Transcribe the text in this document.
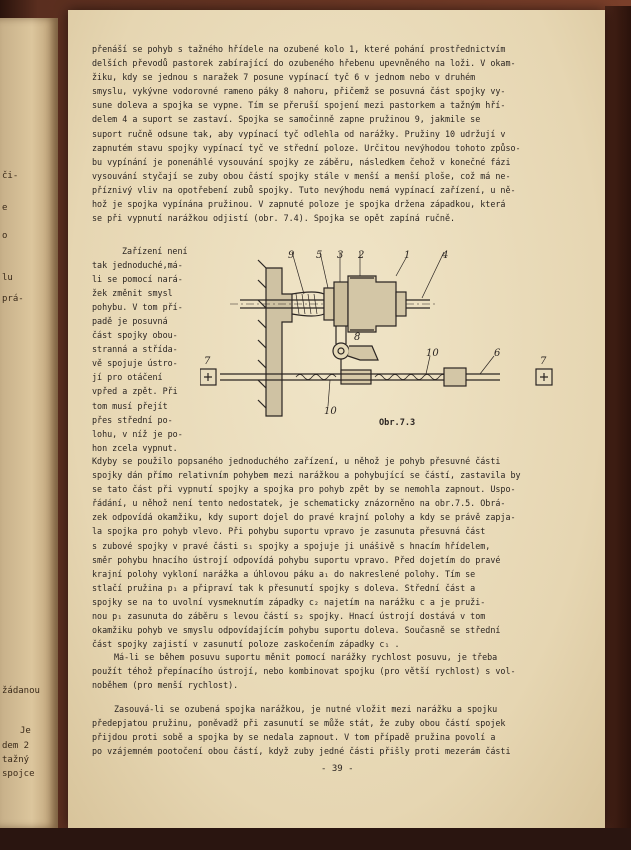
či-
e
o
lu
prá-
žádanou
Je
dem 2
tažný
spojce

přenáší se pohyb s tažného hřídele na ozubené kolo 1, které pohání prostřednictvím

delších převodů pastorek zabírající do ozubeného hřebenu upevněného na loži. V okam-

žiku, kdy se jednou s naražek 7 posune vypínací tyč 6 v jednom nebo v druhém

smyslu, vykývne vodorovné rameno páky 8 nahoru, přičemž se posuvná část spojky vy-

sune doleva a spojka se vypne. Tím se přeruší spojení mezi pastorkem a tažným hří-

delem 4 a suport se zastaví. Spojka se samočinně zapne pružinou 9, jakmile se

suport ručně odsune tak, aby vypínací tyč odlehla od narážky. Pružiny 10 udržují v

zapnutém stavu spojky vypínací tyč ve střední poloze. Určitou nevýhodou tohoto způso-

bu vypínání je ponenáhlé vysouvání spojky ze záběru, následkem čehož v konečné fázi

vysouvání styčají se zuby obou částí spojky stále v menší a menší ploše, což má ne-

příznivý vliv na opotřebení zubů spojky. Tuto nevýhodu nemá vypínací zařízení, u ně-

hož je spojka vypínána pružinou. V zapnuté poloze je spojka držena západkou, která

se při vypnutí narážkou odjistí (obr. 7.4). Spojka se opět zapíná ručně.

Zařízení není

tak jednoduché,má-

li se pomocí nará-

žek změnit smysl

pohybu. V tom pří-

padě je posuvná

část spojky obou-

stranná a střída-

vě spojuje ústro-

jí pro otáčení

vpřed a zpět. Při

tom musí přejít

přes střední po-

lohu, v níž je po-

hon zcela vypnut.

9 5 3 2	1	4
8
10	6
7	7
10
Obr.7.3

Kdyby se použilo popsaného jednoduchého zařízení, u něhož je pohyb přesuvné části

spojky dán přímo relativním pohybem mezi narážkou a pohybující se částí, zastavila by

se tato část při vypnutí spojky a spojka pro pohyb zpět by se nemohla zapnout. Uspo-

řádání, u něhož není tento nedostatek, je schematicky znázorněno na obr.7.5. Obrá-

zek odpovídá okamžiku, kdy suport dojel do pravé krajní polohy a kdy se právě zapja-

la spojka pro pohyb vlevo. Při pohybu suportu vpravo je zasunuta přesuvná část

s zubové spojky v pravé části s₁ spojky a spojuje ji unášivě s hnacím hřídelem,

směr pohybu hnacího ústrojí odpovídá pohybu suportu vpravo. Před dojetím do pravé

krajní polohy vykloní narážka a úhlovou páku a₁ do nakreslené polohy. Tím se

stlačí pružina p₁ a připraví tak k přesunutí spojky s doleva. Střední část a

spojky se na to uvolní vysmeknutím západky c₂ najetím na narážku c a je pruži-

nou p₁ zasunuta do záběru s levou částí s₂ spojky. Hnací ústrojí dostává v tom

okamžiku pohyb ve smyslu odpovídajícím pohybu suportu doleva. Současně se střední

část spojky zajistí v zasunutí poloze zaskočením západky c₁ .

Má-li se během posuvu suportu měnit pomocí narážky rychlost posuvu, je třeba

použít téhož přepínacího ústrojí, nebo kombinovat spojku (pro větší rychlost) s vol-

noběhem (pro menší rychlost).

Zasouvá-li se ozubená spojka narážkou, je nutné vložit mezi narážku a spojku

předepjatou pružinu, poněvadž při zasunutí se může stát, že zuby obou částí spojek

přijdou proti sobě a spojka by se nedala zapnout. V tom případě pružina povolí a

po vzájemném pootočení obou částí, když zuby jedné části přišly proti mezerám části

- 39 -
